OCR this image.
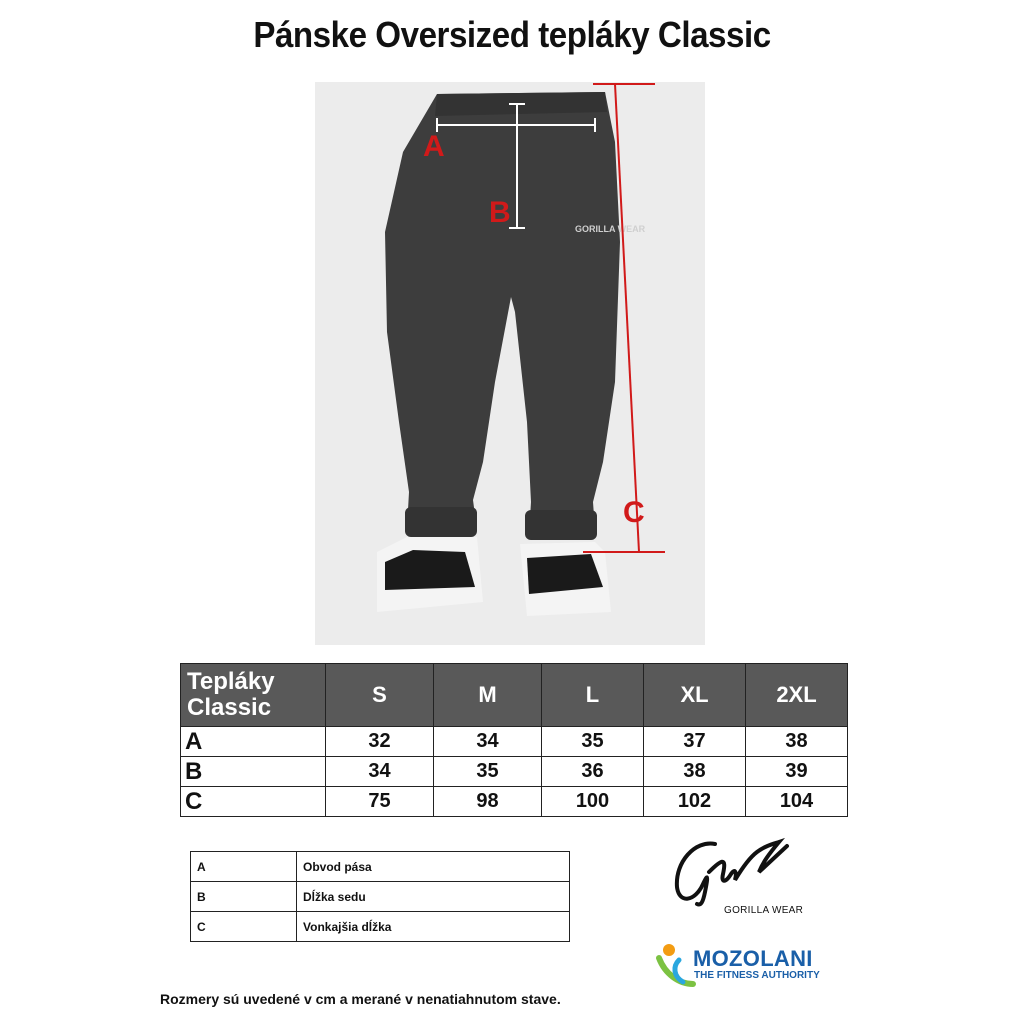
Pánske Oversized tepláky Classic
GORILLA WEAR
A
B
C
Tepláky
Classic	S	M	L	XL	2XL
A	32	34	35	37	38
B	34	35	36	38	39
C	75	98	100	102	104
A	Obvod pása
B	Dĺžka sedu
C	Vonkajšia dĺžka
GORILLA WEAR
MOZOLANI
THE FITNESS AUTHORITY
Rozmery sú uvedené v cm a merané v nenatiahnutom stave.
